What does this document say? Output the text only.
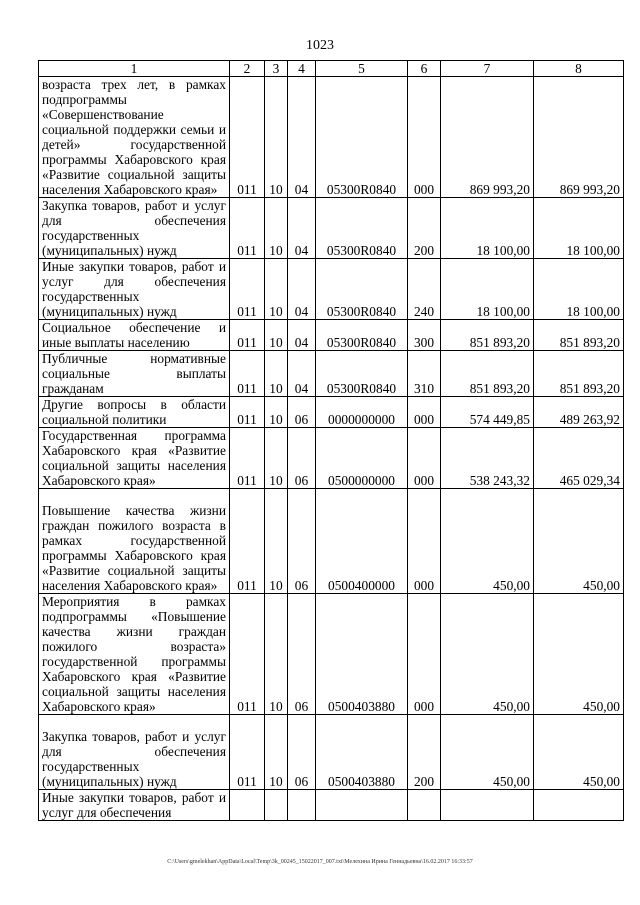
1023
1	2	3	4	5	6	7	8
возраста трех лет, в рамках подпрограммы «Совершенствование социальной поддержки семьи и детей» государственной программы Хабаровского края «Развитие социальной защиты населения Хабаровского края»	011	10	04	05300R0840	000	869 993,20	869 993,20
Закупка товаров, работ и услуг для обеспечения государственных (муниципальных) нужд	011	10	04	05300R0840	200	18 100,00	18 100,00
Иные закупки товаров, работ и услуг для обеспечения государственных (муниципальных) нужд	011	10	04	05300R0840	240	18 100,00	18 100,00
Социальное обеспечение и иные выплаты населению	011	10	04	05300R0840	300	851 893,20	851 893,20
Публичные нормативные социальные выплаты гражданам	011	10	04	05300R0840	310	851 893,20	851 893,20
Другие вопросы в области социальной политики	011	10	06	0000000000	000	574 449,85	489 263,92
Государственная программа Хабаровского края «Развитие социальной защиты населения Хабаровского края»	011	10	06	0500000000	000	538 243,32	465 029,34
Повышение качества жизни граждан пожилого возраста в рамках государственной программы Хабаровского края «Развитие социальной защиты населения Хабаровского края»	011	10	06	0500400000	000	450,00	450,00
Мероприятия в рамках подпрограммы «Повышение качества жизни граждан пожилого возраста» государственной программы Хабаровского края «Развитие социальной защиты населения Хабаровского края»	011	10	06	0500403880	000	450,00	450,00
Закупка товаров, работ и услуг для обеспечения государственных (муниципальных) нужд	011	10	06	0500403880	200	450,00	450,00
Иные закупки товаров, работ и услуг для обеспечения							
C:\Users\gmelekhan\AppData\Local\Temp\3k_00245_15022017_007.txt\Мелехина Ирина Геннадьевна\16.02.2017 16:33:57
